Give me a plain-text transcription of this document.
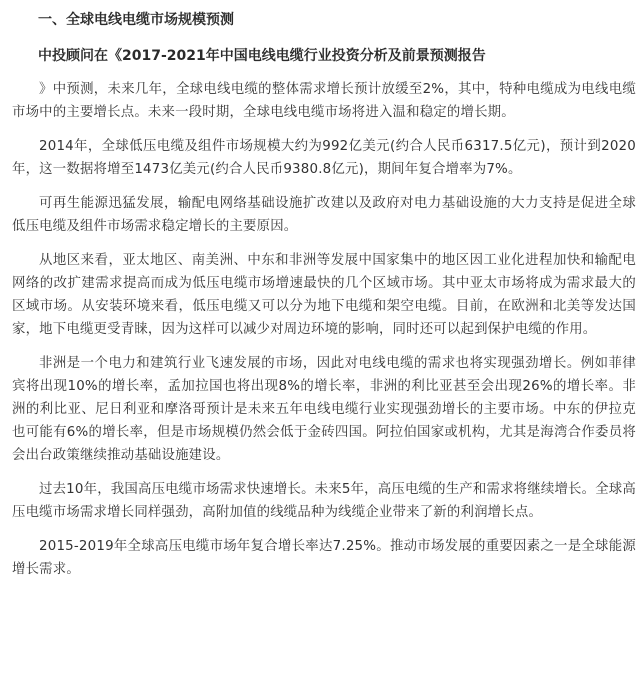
一、全球电线电缆市场规模预测
中投顾问在《2017-2021年中国电线电缆行业投资分析及前景预测报告

》中预测，未来几年，全球电线电缆的整体需求增长预计放缓至2%，其中，特种电缆成为电线电缆市场中的主要增长点。未来一段时期，全球电线电缆市场将进入温和稳定的增长期。

2014年，全球低压电缆及组件市场规模大约为992亿美元(约合人民币6317.5亿元)，预计到2020年，这一数据将增至1473亿美元(约合人民币9380.8亿元)，期间年复合增率为7%。

可再生能源迅猛发展，输配电网络基础设施扩改建以及政府对电力基础设施的大力支持是促进全球低压电缆及组件市场需求稳定增长的主要原因。

从地区来看，亚太地区、南美洲、中东和非洲等发展中国家集中的地区因工业化进程加快和输配电网络的改扩建需求提高而成为低压电缆市场增速最快的几个区域市场。其中亚太市场将成为需求最大的区域市场。从安装环境来看，低压电缆又可以分为地下电缆和架空电缆。目前，在欧洲和北美等发达国家，地下电缆更受青睐，因为这样可以减少对周边环境的影响，同时还可以起到保护电缆的作用。

非洲是一个电力和建筑行业飞速发展的市场，因此对电线电缆的需求也将实现强劲增长。例如菲律宾将出现10%的增长率，孟加拉国也将出现8%的增长率，非洲的利比亚甚至会出现26%的增长率。非洲的利比亚、尼日利亚和摩洛哥预计是未来五年电线电缆行业实现强劲增长的主要市场。中东的伊拉克也可能有6%的增长率，但是市场规模仍然会低于金砖四国。阿拉伯国家或机构，尤其是海湾合作委员将会出台政策继续推动基础设施建设。

过去10年，我国高压电缆市场需求快速增长。未来5年，高压电缆的生产和需求将继续增长。全球高压电缆市场需求增长同样强劲，高附加值的线缆品种为线缆企业带来了新的利润增长点。

2015-2019年全球高压电缆市场年复合增长率达7.25%。推动市场发展的重要因素之一是全球能源增长需求。
